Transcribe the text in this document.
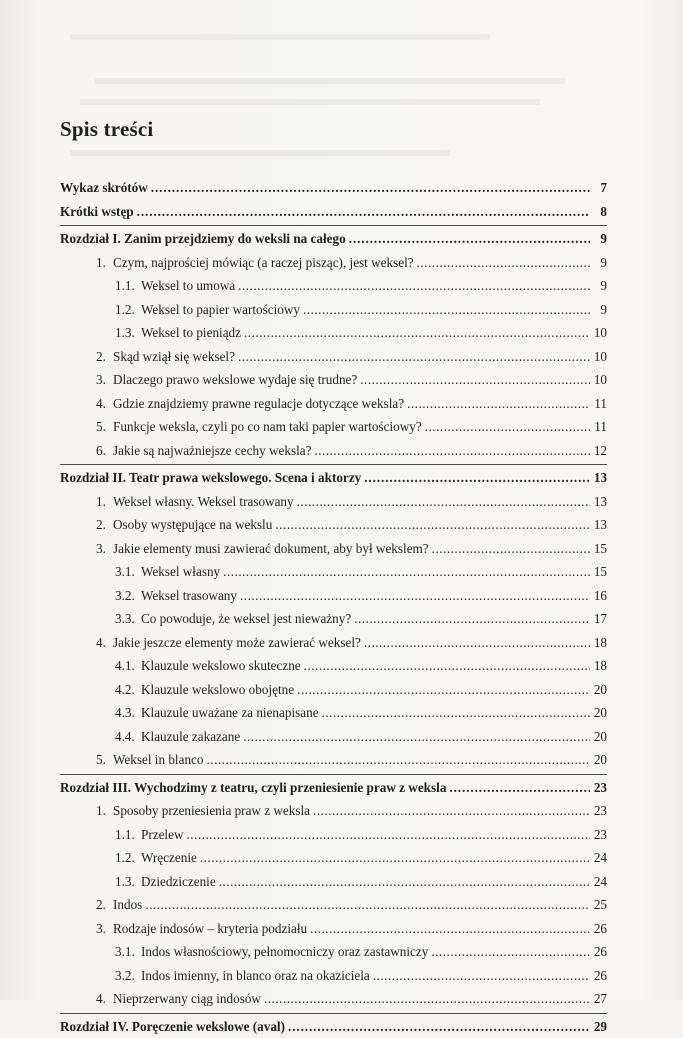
Spis treści
Wykaz skrótów . . .	7
Krótki wstęp . . .	8
Rozdział I. Zanim przejdziemy do weksli na całego . . .	9
1. Czym, najprościej mówiąc (a raczej pisząc), jest weksel? . . .	9
1.1. Weksel to umowa . . .	9
1.2. Weksel to papier wartościowy . . .	9
1.3. Weksel to pieniądz . . .	10
2. Skąd wziął się weksel? . . .	10
3. Dlaczego prawo wekslowe wydaje się trudne? . . .	10
4. Gdzie znajdziemy prawne regulacje dotyczące weksla? . . .	11
5. Funkcje weksla, czyli po co nam taki papier wartościowy? . . .	11
6. Jakie są najważniejsze cechy weksla? . . .	12
Rozdział II. Teatr prawa wekslowego. Scena i aktorzy . . .	13
1. Weksel własny. Weksel trasowany . . .	13
2. Osoby występujące na wekslu . . .	13
3. Jakie elementy musi zawierać dokument, aby był wekslem? . . .	15
3.1. Weksel własny . . .	15
3.2. Weksel trasowany . . .	16
3.3. Co powoduje, że weksel jest nieważny? . . .	17
4. Jakie jeszcze elementy może zawierać weksel? . . .	18
4.1. Klauzule wekslowo skuteczne . . .	18
4.2. Klauzule wekslowo obojętne . . .	20
4.3. Klauzule uważane za nienapisane . . .	20
4.4. Klauzule zakazane . . .	20
5. Weksel in blanco . . .	20
Rozdział III. Wychodzimy z teatru, czyli przeniesienie praw z weksla . . .	23
1. Sposoby przeniesienia praw z weksla . . .	23
1.1. Przelew . . .	23
1.2. Wręczenie . . .	24
1.3. Dziedziczenie . . .	24
2. Indos . . .	25
3. Rodzaje indosów – kryteria podziału . . .	26
3.1. Indos własnościowy, pełnomocniczy oraz zastawniczy . . .	26
3.2. Indos imienny, in blanco oraz na okaziciela . . .	26
4. Nieprzerwany ciąg indosów . . .	27
Rozdział IV. Poręczenie wekslowe (aval) . . .	29
